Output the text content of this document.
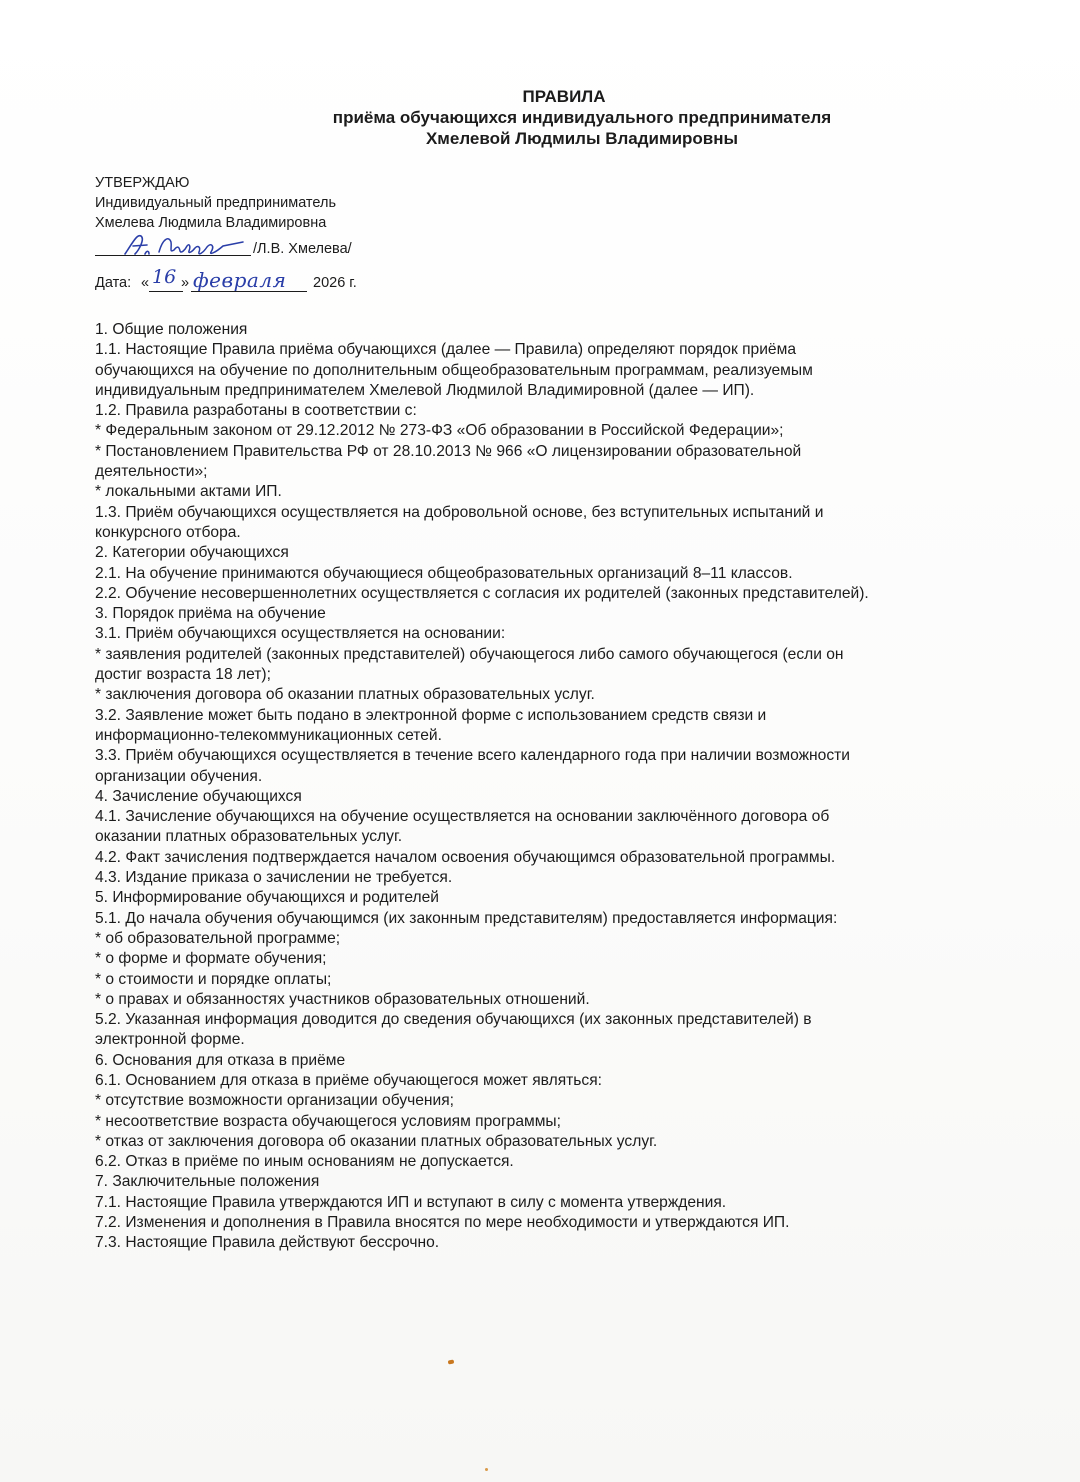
ПРАВИЛА
приёма обучающихся индивидуального предпринимателя
Хмелевой Людмилы Владимировны
УТВЕРЖДАЮ
Индивидуальный предприниматель
Хмелева Людмила Владимировна
/Л.В. Хмелева/
Дата: « 16 » февраля 2026 г.
1. Общие положения
1.1. Настоящие Правила приёма обучающихся (далее — Правила) определяют порядок приёма
обучающихся на обучение по дополнительным общеобразовательным программам, реализуемым
индивидуальным предпринимателем Хмелевой Людмилой Владимировной (далее — ИП).
1.2. Правила разработаны в соответствии с:
* Федеральным законом от 29.12.2012 № 273-ФЗ «Об образовании в Российской Федерации»;
* Постановлением Правительства РФ от 28.10.2013 № 966 «О лицензировании образовательной
деятельности»;
* локальными актами ИП.
1.3. Приём обучающихся осуществляется на добровольной основе, без вступительных испытаний и
конкурсного отбора.
2. Категории обучающихся
2.1. На обучение принимаются обучающиеся общеобразовательных организаций 8–11 классов.
2.2. Обучение несовершеннолетних осуществляется с согласия их родителей (законных представителей).
3. Порядок приёма на обучение
3.1. Приём обучающихся осуществляется на основании:
* заявления родителей (законных представителей) обучающегося либо самого обучающегося (если он
достиг возраста 18 лет);
* заключения договора об оказании платных образовательных услуг.
3.2. Заявление может быть подано в электронной форме с использованием средств связи и
информационно-телекоммуникационных сетей.
3.3. Приём обучающихся осуществляется в течение всего календарного года при наличии возможности
организации обучения.
4. Зачисление обучающихся
4.1. Зачисление обучающихся на обучение осуществляется на основании заключённого договора об
оказании платных образовательных услуг.
4.2. Факт зачисления подтверждается началом освоения обучающимся образовательной программы.
4.3. Издание приказа о зачислении не требуется.
5. Информирование обучающихся и родителей
5.1. До начала обучения обучающимся (их законным представителям) предоставляется информация:
* об образовательной программе;
* о форме и формате обучения;
* о стоимости и порядке оплаты;
* о правах и обязанностях участников образовательных отношений.
5.2. Указанная информация доводится до сведения обучающихся (их законных представителей) в
электронной форме.
6. Основания для отказа в приёме
6.1. Основанием для отказа в приёме обучающегося может являться:
* отсутствие возможности организации обучения;
* несоответствие возраста обучающегося условиям программы;
* отказ от заключения договора об оказании платных образовательных услуг.
6.2. Отказ в приёме по иным основаниям не допускается.
7. Заключительные положения
7.1. Настоящие Правила утверждаются ИП и вступают в силу с момента утверждения.
7.2. Изменения и дополнения в Правила вносятся по мере необходимости и утверждаются ИП.
7.3. Настоящие Правила действуют бессрочно.
